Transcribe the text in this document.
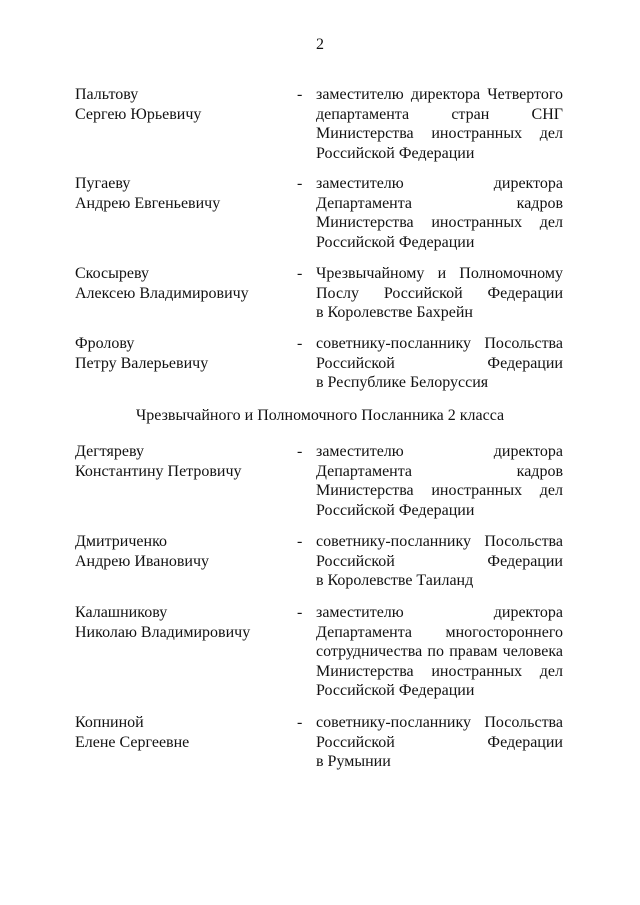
2
Пальтову
Сергею Юрьевичу
- заместителю директора Четвертого
департамента стран СНГ
Министерства иностранных дел
Российской Федерации
Пугаеву
Андрею Евгеньевичу
- заместителю директора
Департамента кадров
Министерства иностранных дел
Российской Федерации
Скосыреву
Алексею Владимировичу
- Чрезвычайному и Полномочному
Послу Российской Федерации
в Королевстве Бахрейн
Фролову
Петру Валерьевичу
- советнику-посланнику Посольства
Российской Федерации
в Республике Белоруссия
Чрезвычайного и Полномочного Посланника 2 класса
Дегтяреву
Константину Петровичу
- заместителю директора
Департамента кадров
Министерства иностранных дел
Российской Федерации
Дмитриченко
Андрею Ивановичу
- советнику-посланнику Посольства
Российской Федерации
в Королевстве Таиланд
Калашникову
Николаю Владимировичу
- заместителю директора
Департамента многостороннего
сотрудничества по правам человека
Министерства иностранных дел
Российской Федерации
Копниной
Елене Сергеевне
- советнику-посланнику Посольства
Российской Федерации
в Румынии
